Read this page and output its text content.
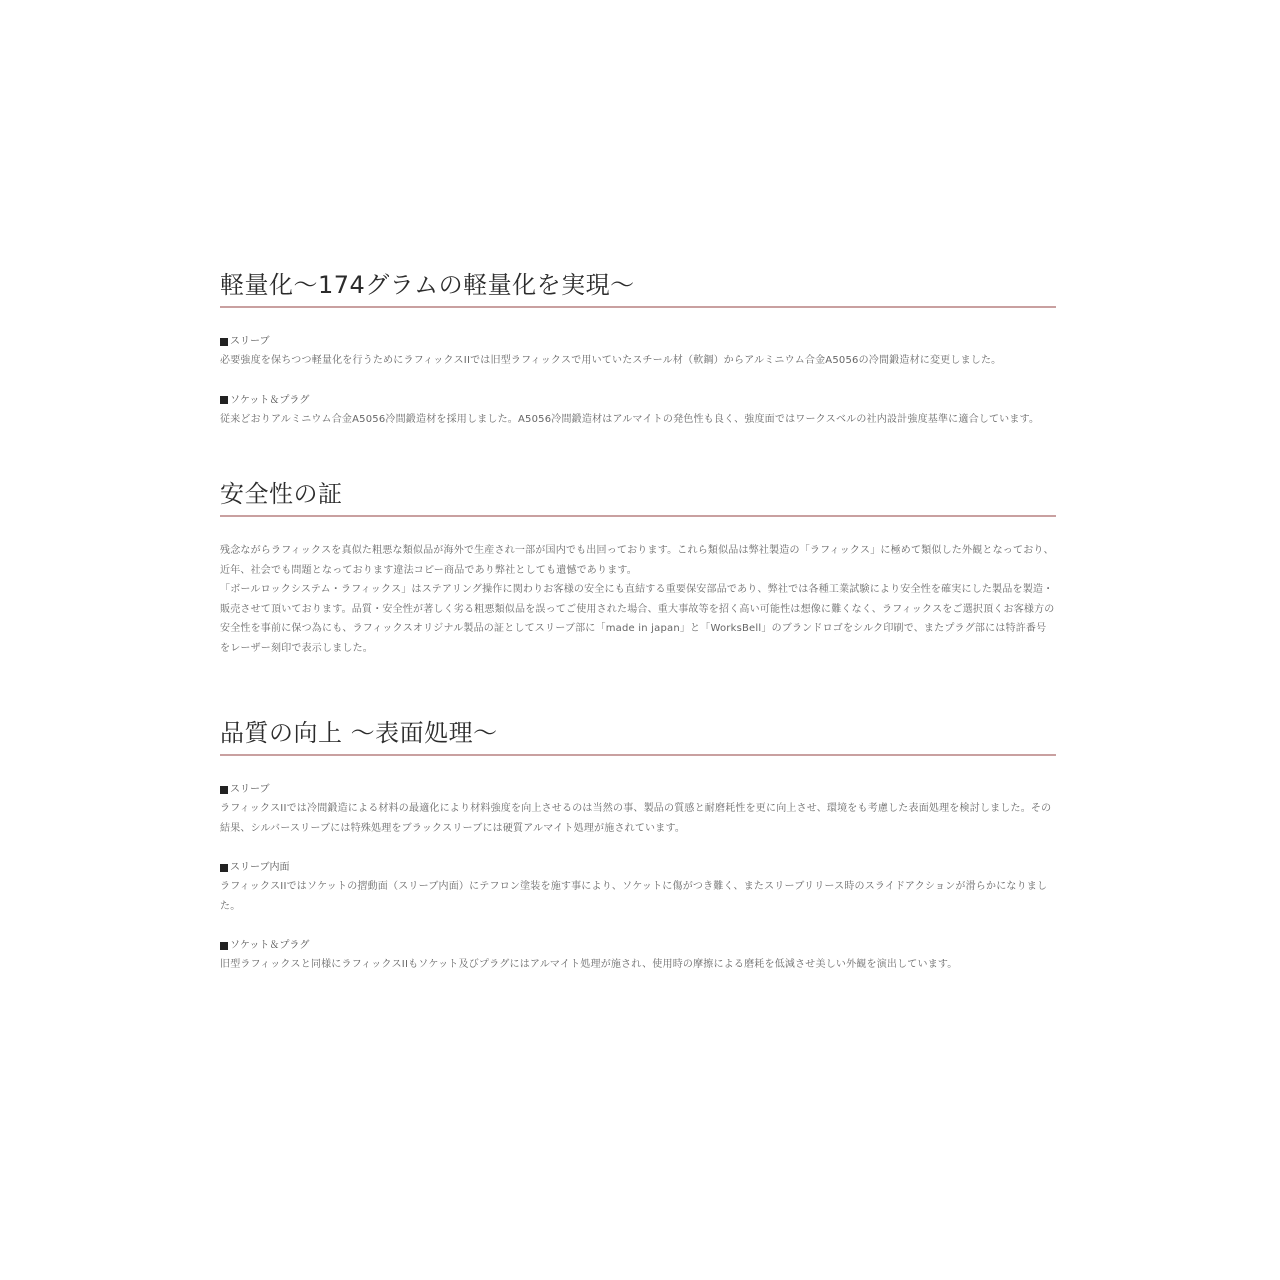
軽量化～174グラムの軽量化を実現～
スリーブ

必要強度を保ちつつ軽量化を行うためにラフィックスIIでは旧型ラフィックスで用いていたスチール材（軟鋼）からアルミニウム合金A5056の冷間鍛造材に変更しました。

ソケット＆プラグ

従来どおりアルミニウム合金A5056冷間鍛造材を採用しました。A5056冷間鍛造材はアルマイトの発色性も良く、強度面ではワークスベルの社内設計強度基準に適合しています。

安全性の証

残念ながらラフィックスを真似た粗悪な類似品が海外で生産され一部が国内でも出回っております。これら類似品は弊社製造の「ラフィックス」に極めて類似した外観となっており、近年、社会でも問題となっております違法コピー商品であり弊社としても遺憾であります。

「ボールロックシステム・ラフィックス」はステアリング操作に関わりお客様の安全にも直結する重要保安部品であり、弊社では各種工業試験により安全性を確実にした製品を製造・販売させて頂いております。品質・安全性が著しく劣る粗悪類似品を誤ってご使用された場合、重大事故等を招く高い可能性は想像に難くなく、ラフィックスをご選択頂くお客様方の安全性を事前に保つ為にも、ラフィックスオリジナル製品の証としてスリーブ部に「made in japan」と「WorksBell」のブランドロゴをシルク印刷で、またプラグ部には特許番号をレーザー刻印で表示しました。

品質の向上 ～表面処理～
スリーブ

ラフィックスIIでは冷間鍛造による材料の最適化により材料強度を向上させるのは当然の事、製品の質感と耐磨耗性を更に向上させ、環境をも考慮した表面処理を検討しました。その結果、シルバースリーブには特殊処理をブラックスリーブには硬質アルマイト処理が施されています。

スリーブ内面

ラフィックスIIではソケットの摺動面（スリーブ内面）にテフロン塗装を施す事により、ソケットに傷がつき難く、またスリーブリリース時のスライドアクションが滑らかになりました。

ソケット＆プラグ

旧型ラフィックスと同様にラフィックスIIもソケット及びプラグにはアルマイト処理が施され、使用時の摩擦による磨耗を低減させ美しい外観を演出しています。
